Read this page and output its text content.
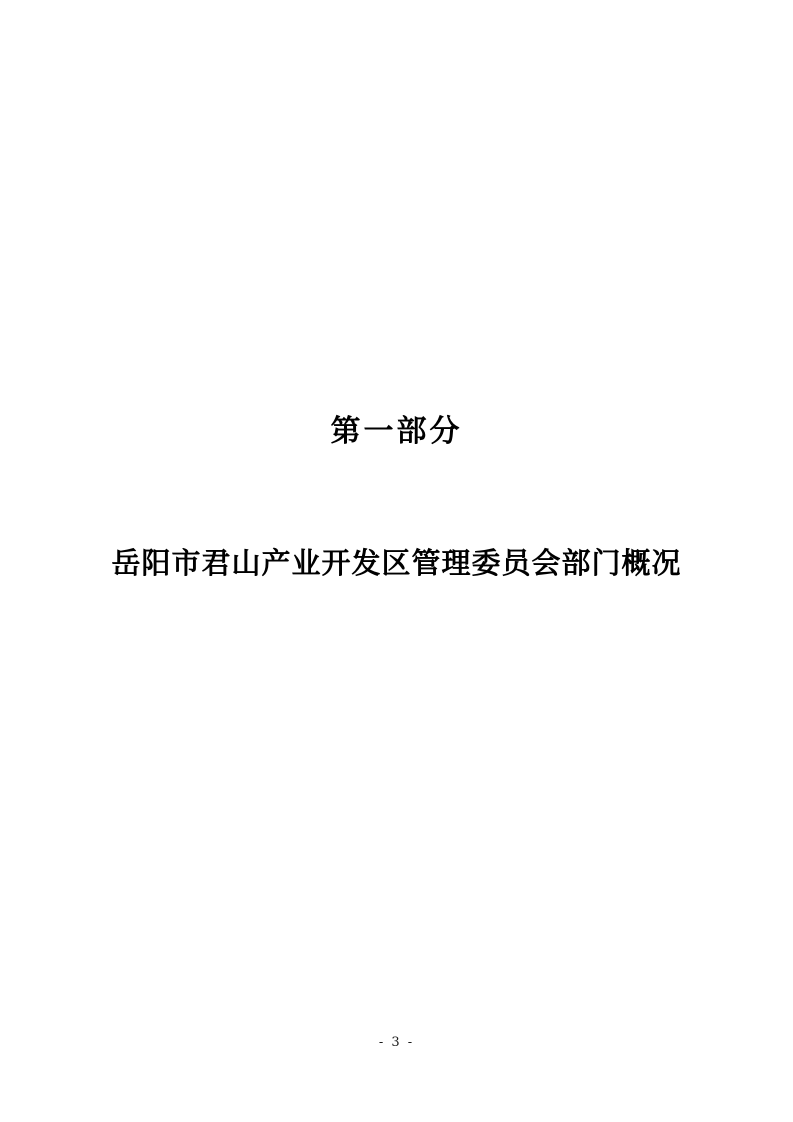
第一部分
岳阳市君山产业开发区管理委员会部门概况
- 3 -
